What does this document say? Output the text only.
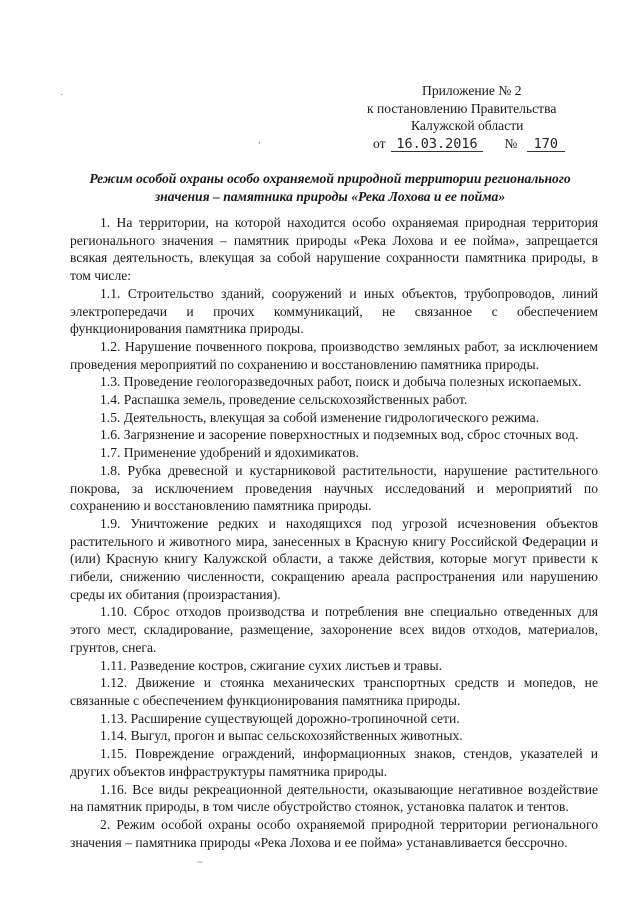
Приложение № 2
к постановлению Правительства
Калужской области
от 16.03.2016 № 170
,
.
Режим особой охраны особо охраняемой природной территории регионального значения – памятника природы «Река Лохова и ее пойма»

1. На территории, на которой находится особо охраняемая природная территория регионального значения – памятник природы «Река Лохова и ее пойма», запрещается всякая деятельность, влекущая за собой нарушение сохранности памятника природы, в том числе:

1.1. Строительство зданий, сооружений и иных объектов, трубопроводов, линий электропередачи и прочих коммуникаций, не связанное с обеспечением функционирования памятника природы.

1.2. Нарушение почвенного покрова, производство земляных работ, за исключением проведения мероприятий по сохранению и восстановлению памятника природы.

1.3. Проведение геологоразведочных работ, поиск и добыча полезных ископаемых.

1.4. Распашка земель, проведение сельскохозяйственных работ.

1.5. Деятельность, влекущая за собой изменение гидрологического режима.

1.6. Загрязнение и засорение поверхностных и подземных вод, сброс сточных вод.

1.7. Применение удобрений и ядохимикатов.

1.8. Рубка древесной и кустарниковой растительности, нарушение растительного покрова, за исключением проведения научных исследований и мероприятий по сохранению и восстановлению памятника природы.

1.9. Уничтожение редких и находящихся под угрозой исчезновения объектов растительного и животного мира, занесенных в Красную книгу Российской Федерации и (или) Красную книгу Калужской области, а также действия, которые могут привести к гибели, снижению численности, сокращению ареала распространения или нарушению среды их обитания (произрастания).

1.10. Сброс отходов производства и потребления вне специально отведенных для этого мест, складирование, размещение, захоронение всех видов отходов, материалов, грунтов, снега.

1.11. Разведение костров, сжигание сухих листьев и травы.

1.12. Движение и стоянка механических транспортных средств и мопедов, не связанные с обеспечением функционирования памятника природы.

1.13. Расширение существующей дорожно-тропиночной сети.

1.14. Выгул, прогон и выпас сельскохозяйственных животных.

1.15. Повреждение ограждений, информационных знаков, стендов, указателей и других объектов инфраструктуры памятника природы.

1.16. Все виды рекреационной деятельности, оказывающие негативное воздействие на памятник природы, в том числе обустройство стоянок, установка палаток и тентов.

2. Режим особой охраны особо охраняемой природной территории регионального значения – памятника природы «Река Лохова и ее пойма» устанавливается бессрочно.

~
